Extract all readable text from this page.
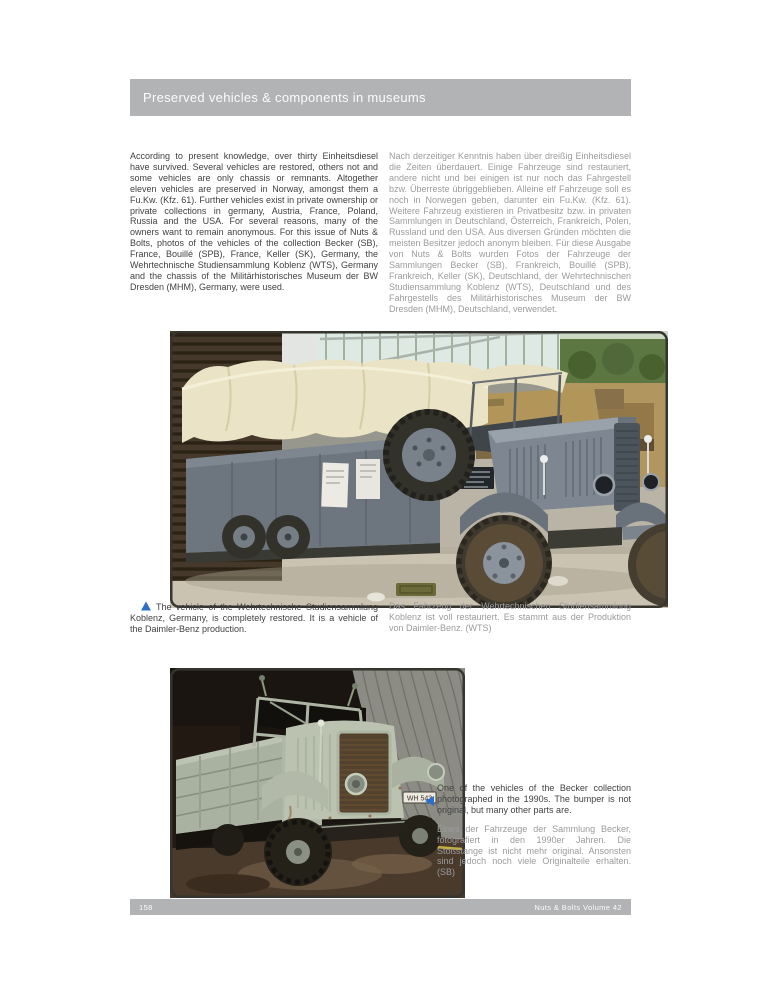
Preserved vehicles & components in museums

According to present knowledge, over thirty Einheitsdiesel have survived. Several vehicles are restored, others not and some vehicles are only chassis or remnants. Altogether eleven vehicles are preserved in Norway, amongst them a Fu.Kw. (Kfz. 61). Further vehicles exist in private ownership or private collections in germany, Austria, France, Poland, Russia and the USA. For several reasons, many of the owners want to remain anonymous. For this issue of Nuts & Bolts, photos of the vehicles of the collection Becker (SB), France, Bouillé (SPB), France, Keller (SK), Germany, the Wehrtechnische Studiensammlung Koblenz (WTS), Germany and the chassis of the Militärhistorisches Museum der BW Dresden (MHM), Germany, were used.

Nach derzeitiger Kenntnis haben über dreißig Einheitsdiesel die Zeiten überdauert. Einige Fahrzeuge sind restauriert, andere nicht und bei einigen ist nur noch das Fahrgestell bzw. Überreste übriggeblieben. Alleine elf Fahrzeuge soll es noch in Norwegen geben, darunter ein Fu.Kw. (Kfz. 61). Weitere Fahrzeug existieren in Privatbesitz bzw. in privaten Sammlungen in Deutschland, Österreich, Frankreich, Polen, Russland und den USA. Aus diversen Gründen möchten die meisten Besitzer jedoch anonym bleiben. Für diese Ausgabe von Nuts & Bolts wurden Fotos der Fahrzeuge der Sammlungen Becker (SB), Frankreich, Bouillé (SPB), Frankreich, Keller (SK), Deutschland, der Wehrtechnischen Studiensammlung Koblenz (WTS), Deutschland und des Fahrgestells des Militärhistorisches Museum der BW Dresden (MHM), Deutschland, verwendet.

The vehicle of the Wehrtechnische Studiensammlung Koblenz, Germany, is completely restored. It is a vehicle of the Daimler-Benz production.

Das Fahrzeug der Wehrtechnischen Studiensammlung Koblenz ist voll restauriert. Es stammt aus der Produktion von Daimler-Benz. (WTS)

WH 543

One of the vehicles of the Becker collection photographed in the 1990s. The bumper is not original, but many other parts are.

Eines der Fahrzeuge der Sammlung Becker, fotografiert in den 1990er Jahren. Die Stoßstange ist nicht mehr original. Ansonsten sind jedoch noch viele Originalteile erhalten. (SB)

158	Nuts & Bolts Volume 42
